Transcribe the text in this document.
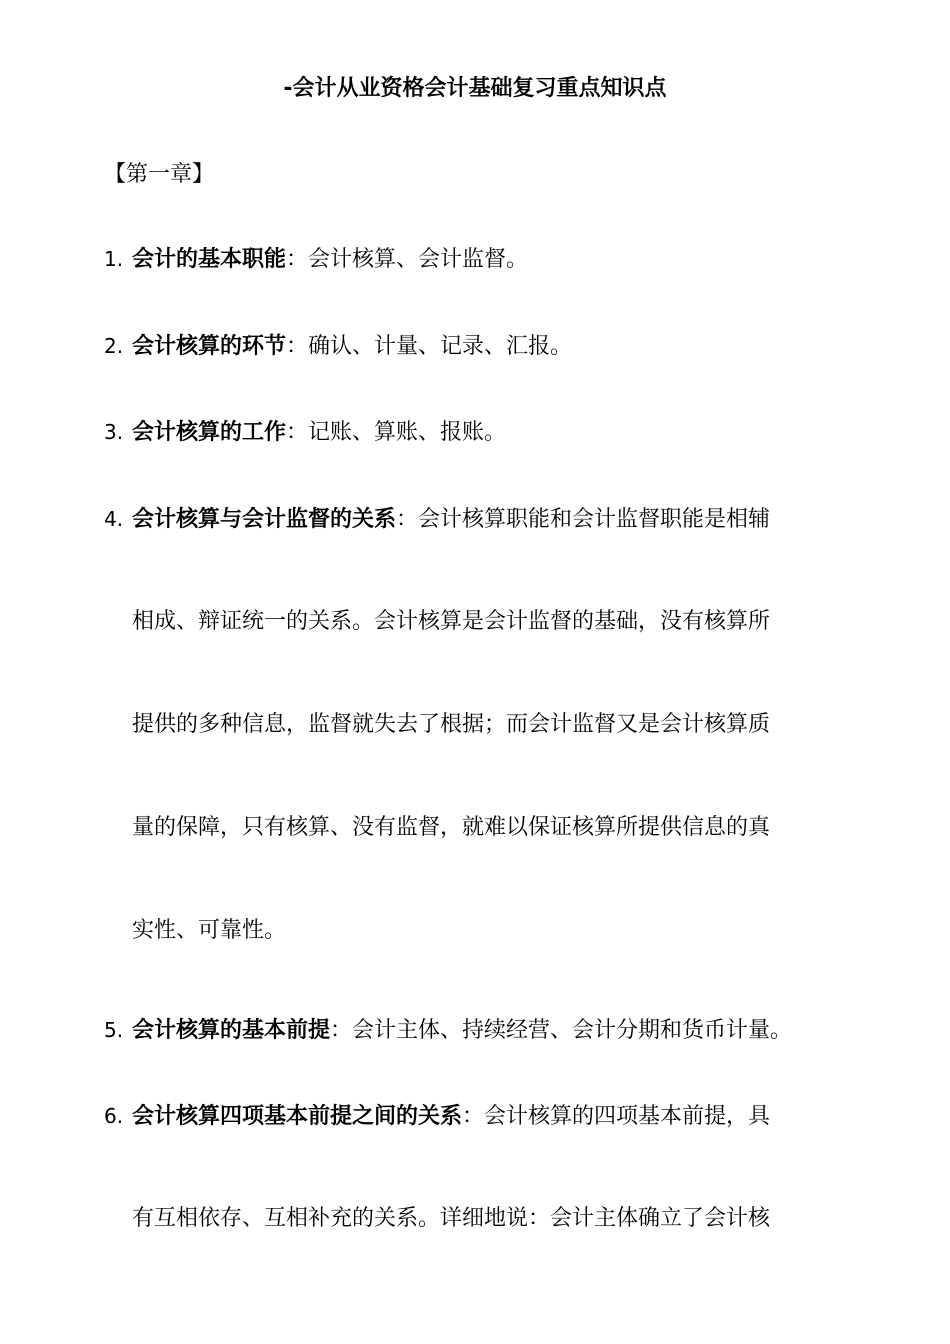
-会计从业资格会计基础复习重点知识点
【第一章】
1. 会计的基本职能：会计核算、会计监督。
2. 会计核算的环节：确认、计量、记录、汇报。
3. 会计核算的工作：记账、算账、报账。
4. 会计核算与会计监督的关系：会计核算职能和会计监督职能是相辅
相成、辩证统一的关系。会计核算是会计监督的基础，没有核算所
提供的多种信息，监督就失去了根据；而会计监督又是会计核算质
量的保障，只有核算、没有监督，就难以保证核算所提供信息的真
实性、可靠性。
5. 会计核算的基本前提：会计主体、持续经营、会计分期和货币计量。
6. 会计核算四项基本前提之间的关系：会计核算的四项基本前提，具
有互相依存、互相补充的关系。详细地说：会计主体确立了会计核
